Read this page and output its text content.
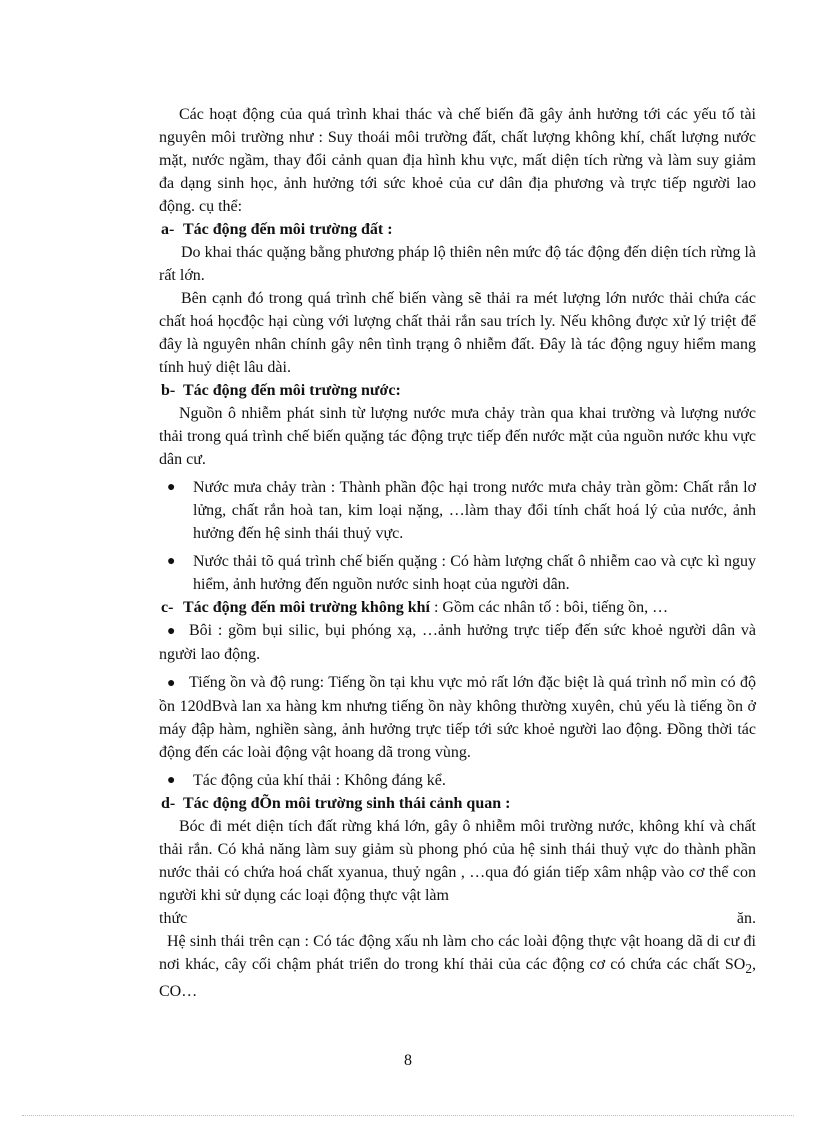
Các hoạt động của quá trình khai thác và chế biến đã gây ảnh hưởng tới các yếu tố tài nguyên môi trường như : Suy thoái môi trường đất, chất lượng không khí, chất lượng nước mặt, nước ngầm, thay đổi cảnh quan địa hình khu vực, mất diện tích rừng và làm suy giảm đa dạng sinh học, ảnh hưởng tới sức khoẻ của cư dân địa phương và trực tiếp người lao động. cụ thể:

a- Tác động đến môi trường đất :

Do khai thác quặng bằng phương pháp lộ thiên nên mức độ tác động đến diện tích rừng là rất lớn.

Bên cạnh đó trong quá trình chế biến vàng sẽ thải ra mét lượng lớn nước thải chứa các chất hoá họcđộc hại cùng với lượng chất thải rắn sau trích ly. Nếu không được xử lý triệt để đây là nguyên nhân chính gây nên tình trạng ô nhiễm đất. Đây là tác động nguy hiểm mang tính huỷ diệt lâu dài.

b- Tác động đến môi trường nước:

Nguồn ô nhiễm phát sinh từ lượng nước mưa chảy tràn qua khai trường và lượng nước thải trong quá trình chế biến quặng tác động trực tiếp đến nước mặt của nguồn nước khu vực dân cư.

●	Nước mưa chảy tràn : Thành phần độc hại trong nước mưa chảy tràn gồm: Chất rắn lơ lửng, chất rắn hoà tan, kim loại nặng, …làm thay đổi tính chất hoá lý của nước, ảnh hưởng đến hệ sinh thái thuỷ vực.
●	Nước thải tõ quá trình chế biến quặng : Có hàm lượng chất ô nhiễm cao và cực kì nguy hiểm, ảnh hưởng đến nguồn nước sinh hoạt của người dân.

c- Tác động đến môi trường không khí : Gồm các nhân tố : bôi, tiếng ồn, …

● Bôi : gồm bụi silic, bụi phóng xạ, …ảnh hưởng trực tiếp đến sức khoẻ người dân và người lao động.

● Tiếng ồn và độ rung: Tiếng ồn tại khu vực mỏ rất lớn đặc biệt là quá trình nổ mìn có độ ồn 120dBvà lan xa hàng km nhưng tiếng ồn này không thường xuyên, chủ yếu là tiếng ồn ở máy đập hàm, nghiền sàng, ảnh hưởng trực tiếp tới sức khoẻ người lao động. Đồng thời tác động đến các loài động vật hoang dã trong vùng.

●	Tác động của khí thải : Không đáng kể.

d- Tác động đÕn môi trường sinh thái cảnh quan :

Bóc đi mét diện tích đất rừng khá lớn, gây ô nhiễm môi trường nước, không khí và chất thải rắn. Có khả năng làm suy giảm sù phong phó của hệ sinh thái thuỷ vực do thành phần nước thải có chứa hoá chất xyanua, thuỷ ngân , …qua đó gián tiếp xâm nhập vào cơ thể con người khi sử dụng các loại động thực vật làm

thức	ăn.

Hệ sinh thái trên cạn : Có tác động xấu nh làm cho các loài động thực vật hoang dã di cư đi nơi khác, cây cối chậm phát triển do trong khí thải của các động cơ có chứa các chất $SO_2$, CO…

8
